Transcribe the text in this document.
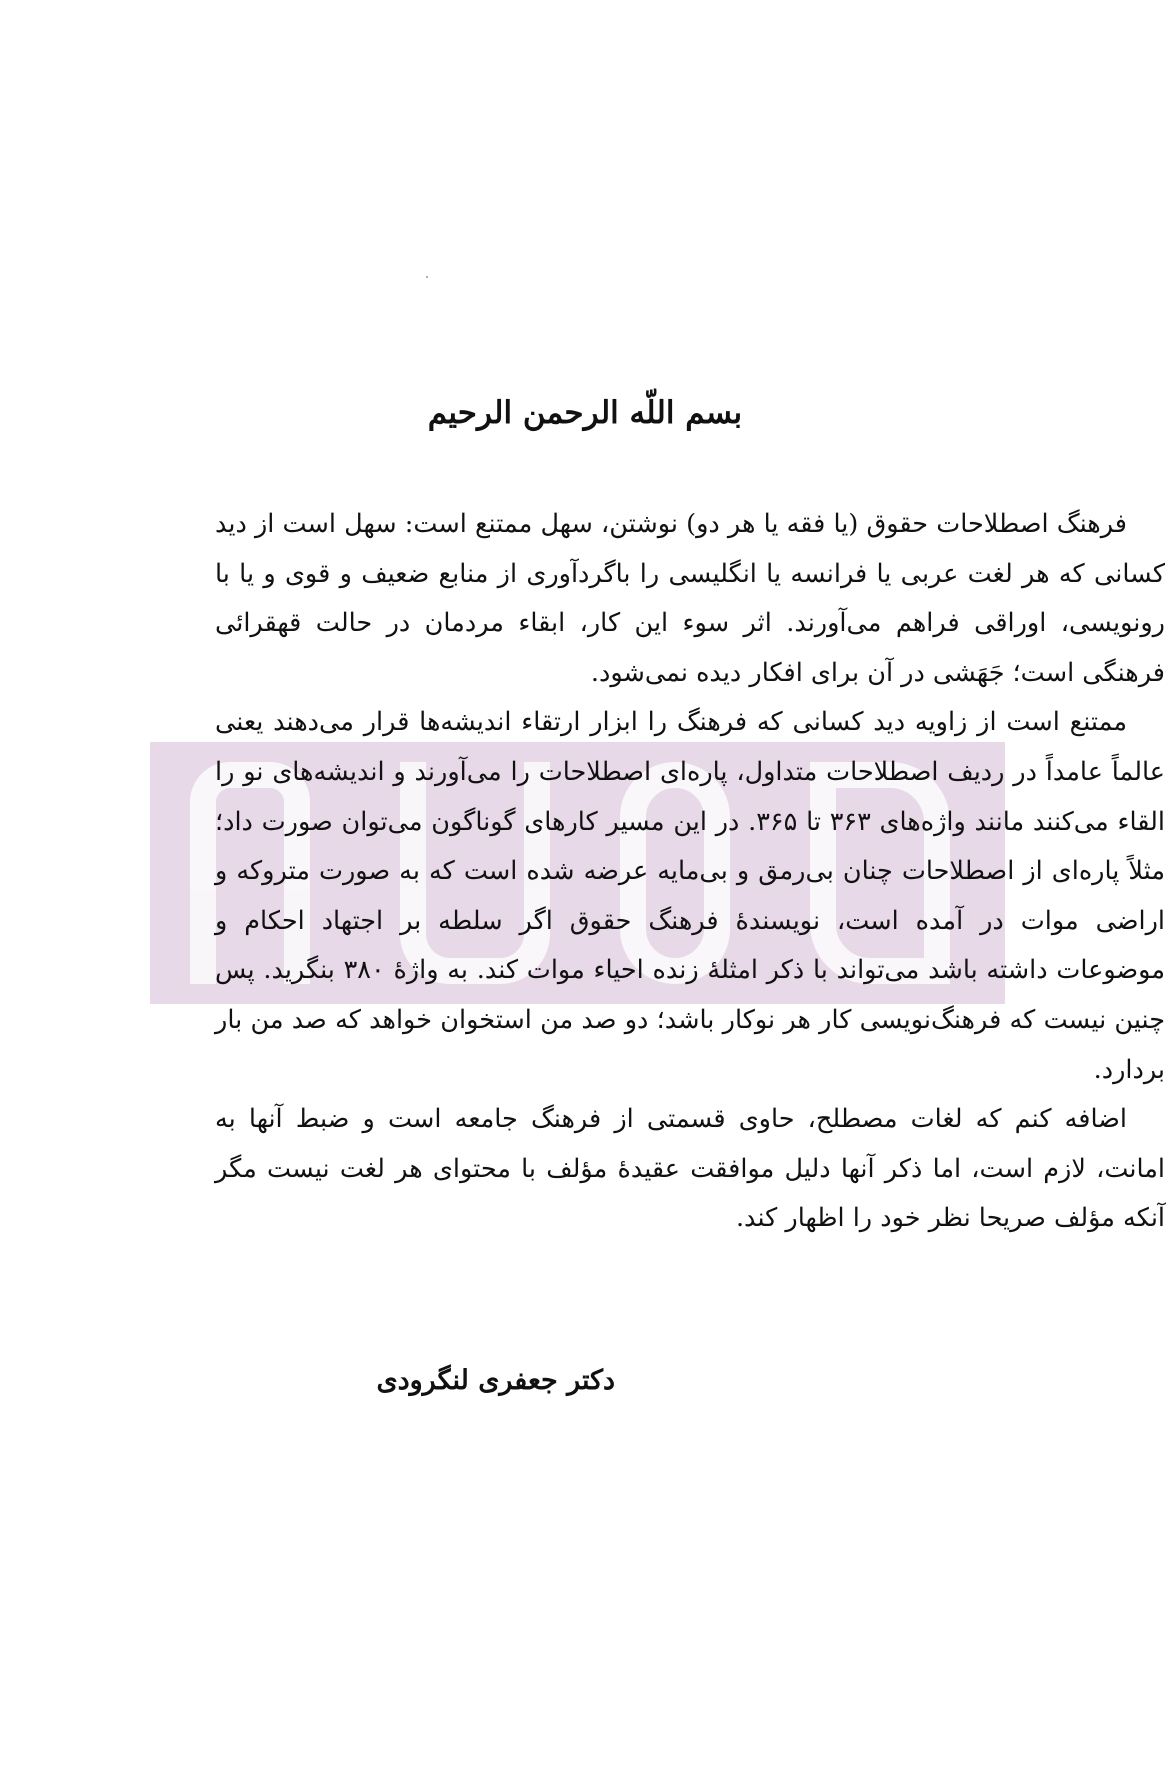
بسم اللّه الرحمن الرحيم

فرهنگ اصطلاحات حقوق (يا فقه يا هر دو) نوشتن، سهل ممتنع است: سهل است از ديد كسانی كه هر لغت عربی يا فرانسه يا انگليسی را باگردآوری از منابع ضعيف و قوی و يا با رونويسی، اوراقی فراهم می‌آورند. اثر سوء اين كار، ابقاء مردمان در حالت قهقرائی فرهنگی است؛ جَهَشی در آن برای افكار ديده نمی‌شود.

ممتنع است از زاويه ديد كسانی كه فرهنگ را ابزار ارتقاء انديشه‌ها قرار می‌دهند يعنی عالماً عامداً در رديف اصطلاحات متداول، پاره‌ای اصطلاحات را می‌آورند و انديشه‌های نو را القاء می‌كنند مانند واژه‌های ۳۶۳ تا ۳۶۵. در اين مسير كارهای گوناگون می‌توان صورت داد؛ مثلاً پاره‌ای از اصطلاحات چنان بی‌رمق و بی‌مايه عرضه شده است كه به صورت متروكه و اراضی موات در آمده است، نويسندهٔ فرهنگ حقوق اگر سلطه بر اجتهاد احكام و موضوعات داشته باشد می‌تواند با ذكر امثلهٔ زنده احياء موات كند. به واژهٔ ۳۸۰ بنگريد. پس چنين نيست كه فرهنگ‌نويسی كار هر نوكار باشد؛ دو صد من استخوان خواهد كه صد من بار بردارد.

اضافه كنم كه لغات مصطلح، حاوی قسمتی از فرهنگ جامعه است و ضبط آنها به امانت، لازم است، اما ذكر آنها دليل موافقت عقيدهٔ مؤلف با محتوای هر لغت نيست مگر آنكه مؤلف صريحا نظر خود را اظهار كند.

دكتر جعفری لنگرودی
